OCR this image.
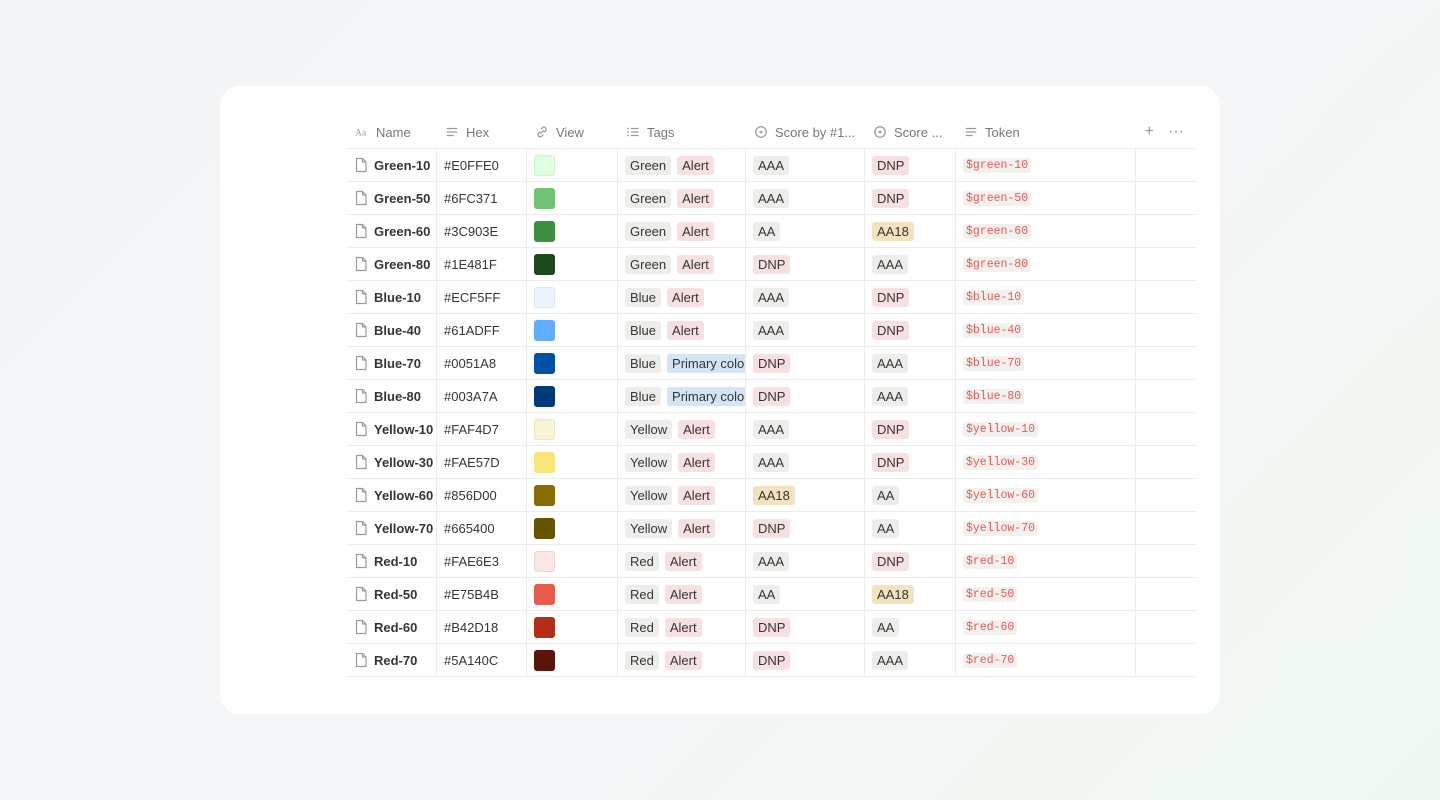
Aa Name	Hex	View	Tags	Score by #1...	Score ...	Token	+ ···
Green-10 #E0FFE0	Green	Alert	AAA	DNP	$green-10
Green-50 #6FC371	Green	Alert	AAA	DNP	$green-50
Green-60 #3C903E	Green	Alert	AA	AA18	$green-60
Green-80 #1E481F	Green	Alert	DNP	AAA	$green-80
Blue-10 #ECF5FF	Blue	Alert	AAA	DNP	$blue-10
Blue-40 #61ADFF	Blue	Alert	AAA	DNP	$blue-40
Blue-70 #0051A8	Blue	Primary colo	DNP	AAA	$blue-70
Blue-80 #003A7A	Blue	Primary colo	DNP	AAA	$blue-80
Yellow-10 #FAF4D7	Yellow	Alert	AAA	DNP	$yellow-10
Yellow-30 #FAE57D	Yellow	Alert	AAA	DNP	$yellow-30
Yellow-60 #856D00	Yellow	Alert	AA18	AA	$yellow-60
Yellow-70 #665400	Yellow	Alert	DNP	AA	$yellow-70
Red-10 #FAE6E3	Red	Alert	AAA	DNP	$red-10
Red-50 #E75B4B	Red	Alert	AA	AA18	$red-50
Red-60 #B42D18	Red	Alert	DNP	AA	$red-60
Red-70 #5A140C	Red	Alert	DNP	AAA	$red-70
